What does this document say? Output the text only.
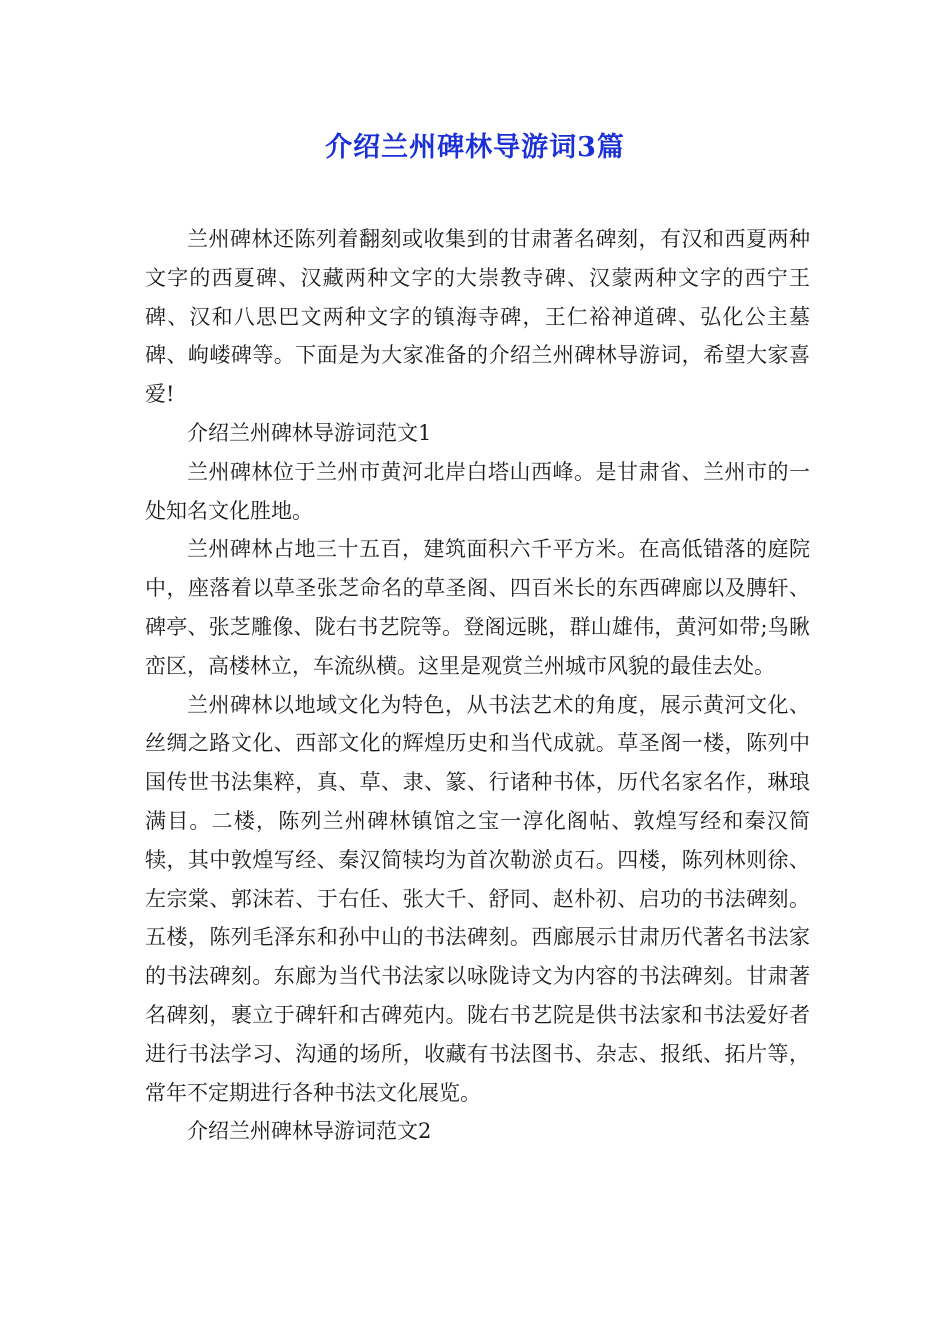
介绍兰州碑林导游词3篇

兰州碑林还陈列着翻刻或收集到的甘肃著名碑刻，有汉和西夏两种文字的西夏碑、汉藏两种文字的大崇教寺碑、汉蒙两种文字的西宁王碑、汉和八思巴文两种文字的镇海寺碑，王仁裕神道碑、弘化公主墓碑、岣嵝碑等。下面是为大家准备的介绍兰州碑林导游词，希望大家喜爱!

介绍兰州碑林导游词范文1

兰州碑林位于兰州市黄河北岸白塔山西峰。是甘肃省、兰州市的一处知名文化胜地。

兰州碑林占地三十五百，建筑面积六千平方米。在高低错落的庭院中，座落着以草圣张芝命名的草圣阁、四百米长的东西碑廊以及膞轩、碑亭、张芝雕像、陇右书艺院等。登阁远眺，群山雄伟，黄河如带;鸟瞅峦区，高楼林立，车流纵横。这里是观赏兰州城市风貌的最佳去处。

兰州碑林以地域文化为特色，从书法艺术的角度，展示黄河文化、丝绸之路文化、西部文化的辉煌历史和当代成就。草圣阁一楼，陈列中国传世书法集粹，真、草、隶、篆、行诸种书体，历代名家名作，琳琅满目。二楼，陈列兰州碑林镇馆之宝一淳化阁帖、敦煌写经和秦汉简犊，其中敦煌写经、秦汉简犊均为首次勒淤贞石。四楼，陈列林则徐、左宗棠、郭沫若、于右任、张大千、舒同、赵朴初、启功的书法碑刻。五楼，陈列毛泽东和孙中山的书法碑刻。西廊展示甘肃历代著名书法家的书法碑刻。东廊为当代书法家以咏陇诗文为内容的书法碑刻。甘肃著名碑刻，裹立于碑轩和古碑苑内。陇右书艺院是供书法家和书法爱好者进行书法学习、沟通的场所，收藏有书法图书、杂志、报纸、拓片等，常年不定期进行各种书法文化展览。

介绍兰州碑林导游词范文2
